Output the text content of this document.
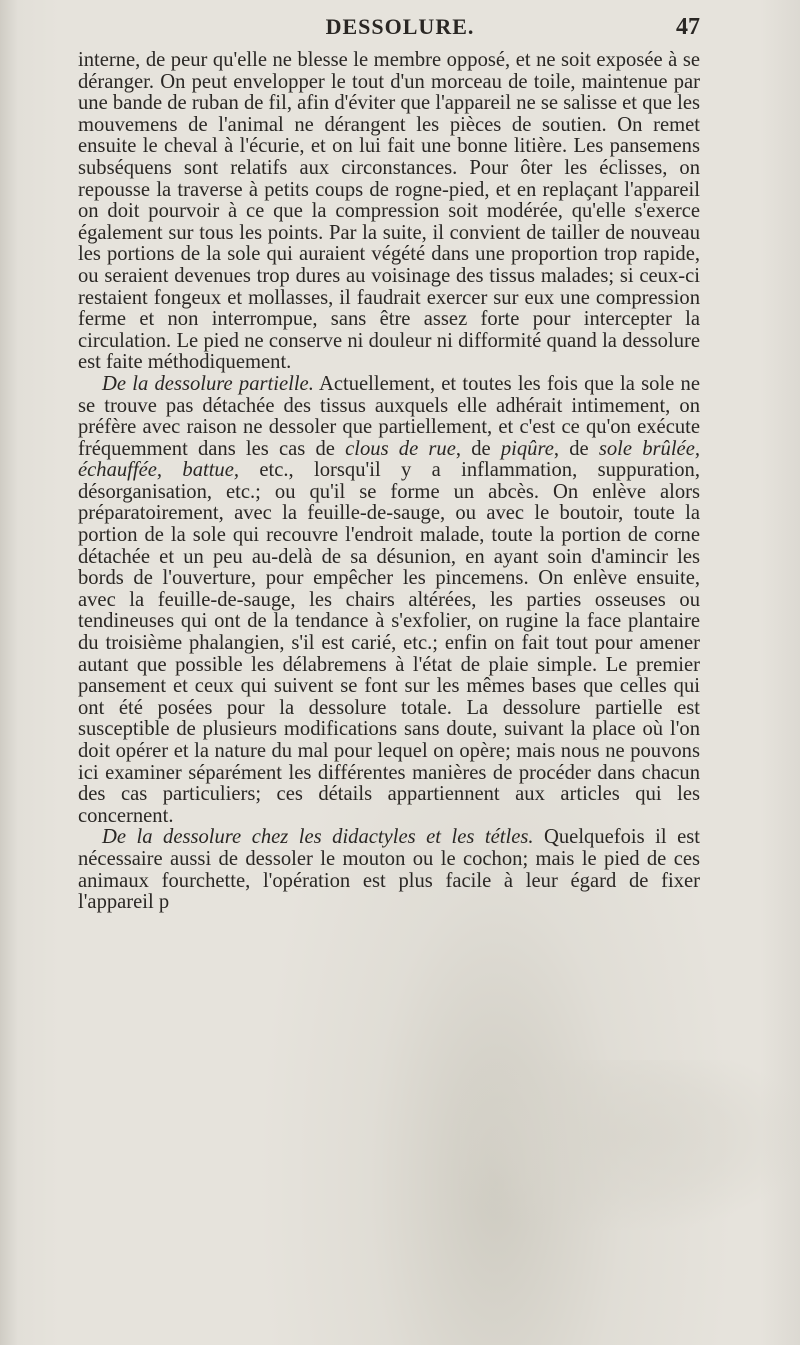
DESSOLURE.	47

interne, de peur qu'elle ne blesse le membre opposé, et ne soit exposée à se déranger. On peut envelopper le tout d'un morceau de toile, maintenue par une bande de ruban de fil, afin d'éviter que l'appareil ne se salisse et que les mouvemens de l'animal ne dérangent les pièces de soutien. On remet ensuite le cheval à l'écurie, et on lui fait une bonne litière. Les pansemens subséquens sont relatifs aux circonstances. Pour ôter les éclisses, on repousse la traverse à petits coups de rogne-pied, et en replaçant l'appareil on doit pourvoir à ce que la compression soit modérée, qu'elle s'exerce également sur tous les points. Par la suite, il convient de tailler de nouveau les portions de la sole qui auraient végété dans une proportion trop rapide, ou seraient devenues trop dures au voisinage des tissus malades; si ceux-ci restaient fongeux et mollasses, il faudrait exercer sur eux une compression ferme et non interrompue, sans être assez forte pour intercepter la circulation. Le pied ne conserve ni douleur ni difformité quand la dessolure est faite méthodiquement.

De la dessolure partielle. Actuellement, et toutes les fois que la sole ne se trouve pas détachée des tissus auxquels elle adhérait intimement, on préfère avec raison ne dessoler que partiellement, et c'est ce qu'on exécute fréquemment dans les cas de clous de rue, de piqûre, de sole brûlée, échauffée, battue, etc., lorsqu'il y a inflammation, suppuration, désorganisation, etc.; ou qu'il se forme un abcès. On enlève alors préparatoirement, avec la feuille-de-sauge, ou avec le boutoir, toute la portion de la sole qui recouvre l'endroit malade, toute la portion de corne détachée et un peu au-delà de sa désunion, en ayant soin d'amincir les bords de l'ouverture, pour empêcher les pincemens. On enlève ensuite, avec la feuille-de-sauge, les chairs altérées, les parties osseuses ou tendineuses qui ont de la tendance à s'exfolier, on rugine la face plantaire du troisième phalangien, s'il est carié, etc.; enfin on fait tout pour amener autant que possible les délabremens à l'état de plaie simple. Le premier pansement et ceux qui suivent se font sur les mêmes bases que celles qui ont été posées pour la dessolure totale. La dessolure partielle est susceptible de plusieurs modifications sans doute, suivant la place où l'on doit opérer et la nature du mal pour lequel on opère; mais nous ne pouvons ici examiner séparément les différentes manières de procéder dans chacun des cas particuliers; ces détails appartiennent aux articles qui les concernent.

De la dessolure chez les didactyles et les tétles. Quelquefois il est nécessaire aussi de dessoler le mouton ou le cochon; mais le pied de ces animaux fourchette, l'opération est plus facile à leur égard de fixer l'appareil p
